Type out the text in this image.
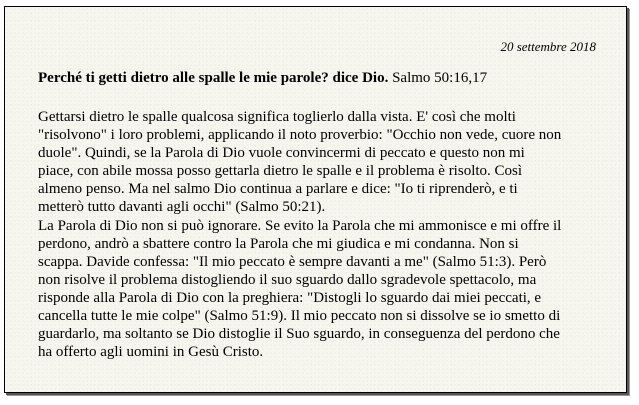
20 settembre 2018
Perché ti getti dietro alle spalle le mie parole? dice Dio. Salmo 50:16,17
Gettarsi dietro le spalle qualcosa significa toglierlo dalla vista. E' così che molti
"risolvono" i loro problemi, applicando il noto proverbio: "Occhio non vede, cuore non
duole". Quindi, se la Parola di Dio vuole convincermi di peccato e questo non mi
piace, con abile mossa posso gettarla dietro le spalle e il problema è risolto. Così
almeno penso. Ma nel salmo Dio continua a parlare e dice: "Io ti riprenderò, e ti
metterò tutto davanti agli occhi" (Salmo 50:21).
La Parola di Dio non si può ignorare. Se evito la Parola che mi ammonisce e mi offre il
perdono, andrò a sbattere contro la Parola che mi giudica e mi condanna. Non si
scappa. Davide confessa: "Il mio peccato è sempre davanti a me" (Salmo 51:3). Però
non risolve il problema distogliendo il suo sguardo dallo sgradevole spettacolo, ma
risponde alla Parola di Dio con la preghiera: "Distogli lo sguardo dai miei peccati, e
cancella tutte le mie colpe" (Salmo 51:9). Il mio peccato non si dissolve se io smetto di
guardarlo, ma soltanto se Dio distoglie il Suo sguardo, in conseguenza del perdono che
ha offerto agli uomini in Gesù Cristo.
